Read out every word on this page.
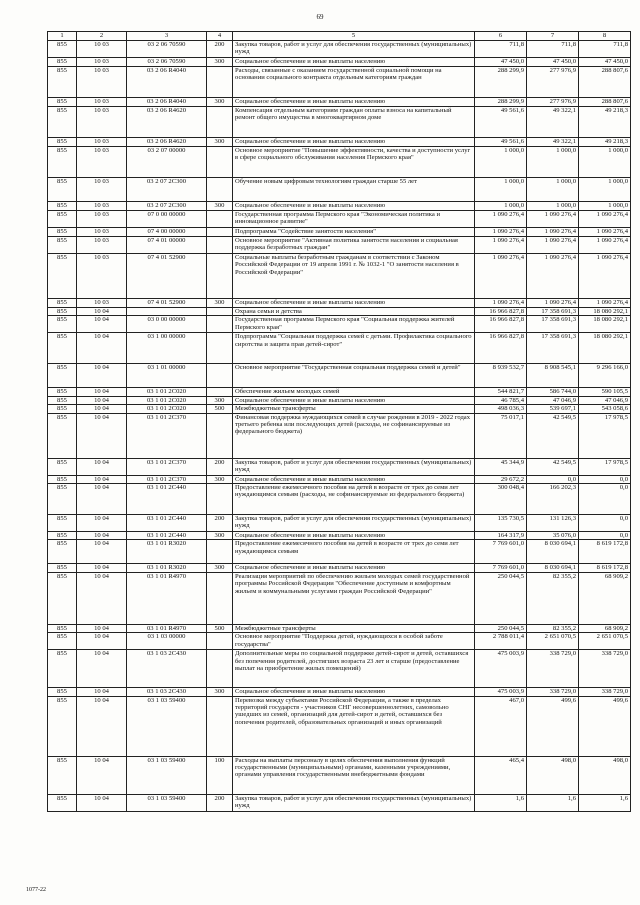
69
1	2	3	4	5	6	7	8
855	10 03	03 2 06 70590	200	Закупка товаров, работ и услуг для обеспечения государственных (муниципальных) нужд	711,8	711,8	711,8
855	10 03	03 2 06 70590	300	Социальное обеспечение и иные выплаты населению	47 450,0	47 450,0	47 450,0
855	10 03	03 2 06 R4040		Расходы, связанные с оказанием государственной социальной помощи на основании социального контракта отдельным категориям граждан	288 299,9	277 976,9	288 807,6
855	10 03	03 2 06 R4040	300	Социальное обеспечение и иные выплаты населению	288 299,9	277 976,9	288 807,6
855	10 03	03 2 06 R4620		Компенсация отдельным категориям граждан оплаты взноса на капитальный ремонт общего имущества в многоквартирном доме	49 561,6	49 322,1	49 218,3
855	10 03	03 2 06 R4620	300	Социальное обеспечение и иные выплаты населению	49 561,6	49 322,1	49 218,3
855	10 03	03 2 07 00000		Основное мероприятие "Повышение эффективности, качества и доступности услуг в сфере социального обслуживания населения Пермского края"	1 000,0	1 000,0	1 000,0
855	10 03	03 2 07 2С300		Обучение новым цифровым технологиям граждан старше 55 лет	1 000,0	1 000,0	1 000,0
855	10 03	03 2 07 2С300	300	Социальное обеспечение и иные выплаты населению	1 000,0	1 000,0	1 000,0
855	10 03	07 0 00 00000		Государственная программа Пермского края "Экономическая политика и инновационное развитие"	1 090 276,4	1 090 276,4	1 090 276,4
855	10 03	07 4 00 00000		Подпрограмма "Содействие занятости населения"	1 090 276,4	1 090 276,4	1 090 276,4
855	10 03	07 4 01 00000		Основное мероприятие "Активная политика занятости населения и социальная поддержка безработных граждан"	1 090 276,4	1 090 276,4	1 090 276,4
855	10 03	07 4 01 52900		Социальные выплаты безработным гражданам в соответствии с Законом Российской Федерации от 19 апреля 1991 г. № 1032-1 "О занятости населения в Российской Федерации"	1 090 276,4	1 090 276,4	1 090 276,4
855	10 03	07 4 01 52900	300	Социальное обеспечение и иные выплаты населению	1 090 276,4	1 090 276,4	1 090 276,4
855	10 04			Охрана семьи и детства	16 966 827,8	17 358 691,3	18 080 292,1
855	10 04	03 0 00 00000		Государственная программа Пермского края "Социальная поддержка жителей Пермского края"	16 966 827,8	17 358 691,3	18 080 292,1
855	10 04	03 1 00 00000		Подпрограмма "Социальная поддержка семей с детьми. Профилактика социального сиротства и защита прав детей-сирот"	16 966 827,8	17 358 691,3	18 080 292,1
855	10 04	03 1 01 00000		Основное мероприятие "Государственная социальная поддержка семей и детей"	8 939 532,7	8 908 545,1	9 296 166,0
855	10 04	03 1 01 2С020		Обеспечение жильем молодых семей	544 821,7	586 744,0	590 105,5
855	10 04	03 1 01 2С020	300	Социальное обеспечение и иные выплаты населению	46 785,4	47 046,9	47 046,9
855	10 04	03 1 01 2С020	500	Межбюджетные трансферты	498 036,3	539 697,1	543 058,6
855	10 04	03 1 01 2С370		Финансовая поддержка нуждающихся семей в случае рождения в 2019 - 2022 годах третьего ребенка или последующих детей (расходы, не софинансируемые из федерального бюджета)	75 017,1	42 549,5	17 978,5
855	10 04	03 1 01 2С370	200	Закупка товаров, работ и услуг для обеспечения государственных (муниципальных) нужд	45 344,9	42 549,5	17 978,5
855	10 04	03 1 01 2С370	300	Социальное обеспечение и иные выплаты населению	29 672,2	0,0	0,0
855	10 04	03 1 01 2С440		Предоставление ежемесячного пособия на детей в возрасте от трех до семи лет нуждающимся семьям (расходы, не софинансируемые из федерального бюджета)	300 048,4	166 202,3	0,0
855	10 04	03 1 01 2С440	200	Закупка товаров, работ и услуг для обеспечения государственных (муниципальных) нужд	135 730,5	131 126,3	0,0
855	10 04	03 1 01 2С440	300	Социальное обеспечение и иные выплаты населению	164 317,9	35 076,0	0,0
855	10 04	03 1 01 R3020		Предоставление ежемесячного пособия на детей в возрасте от трех до семи лет нуждающимся семьям	7 769 601,0	8 030 694,1	8 619 172,8
855	10 04	03 1 01 R3020	300	Социальное обеспечение и иные выплаты населению	7 769 601,0	8 030 694,1	8 619 172,8
855	10 04	03 1 01 R4970		Реализация мероприятий по обеспечению жильем молодых семей государственной программы Российской Федерации "Обеспечение доступным и комфортным жильем и коммунальными услугами граждан Российской Федерации"	250 044,5	82 355,2	68 909,2
855	10 04	03 1 01 R4970	500	Межбюджетные трансферты	250 044,5	82 355,2	68 909,2
855	10 04	03 1 03 00000		Основное мероприятие "Поддержка детей, нуждающихся в особой заботе государства"	2 788 011,4	2 651 070,5	2 651 070,5
855	10 04	03 1 03 2С430		Дополнительные меры по социальной поддержке детей-сирот и детей, оставшихся без попечения родителей, достигших возраста 23 лет и старше (предоставление выплат на приобретение жилых помещений)	475 003,9	338 729,0	338 729,0
855	10 04	03 1 03 2С430	300	Социальное обеспечение и иные выплаты населению	475 003,9	338 729,0	338 729,0
855	10 04	03 1 03 59400		Перевозка между субъектами Российской Федерации, а также в пределах территорий государств - участников СНГ несовершеннолетних, самовольно ушедших из семей, организаций для детей-сирот и детей, оставшихся без попечения родителей, образовательных организаций и иных организаций	467,0	499,6	499,6
855	10 04	03 1 03 59400	100	Расходы на выплаты персоналу в целях обеспечения выполнения функций государственными (муниципальными) органами, казенными учреждениями, органами управления государственными внебюджетными фондами	465,4	498,0	498,0
855	10 04	03 1 03 59400	200	Закупка товаров, работ и услуг для обеспечения государственных (муниципальных) нужд	1,6	1,6	1,6
1077-22
